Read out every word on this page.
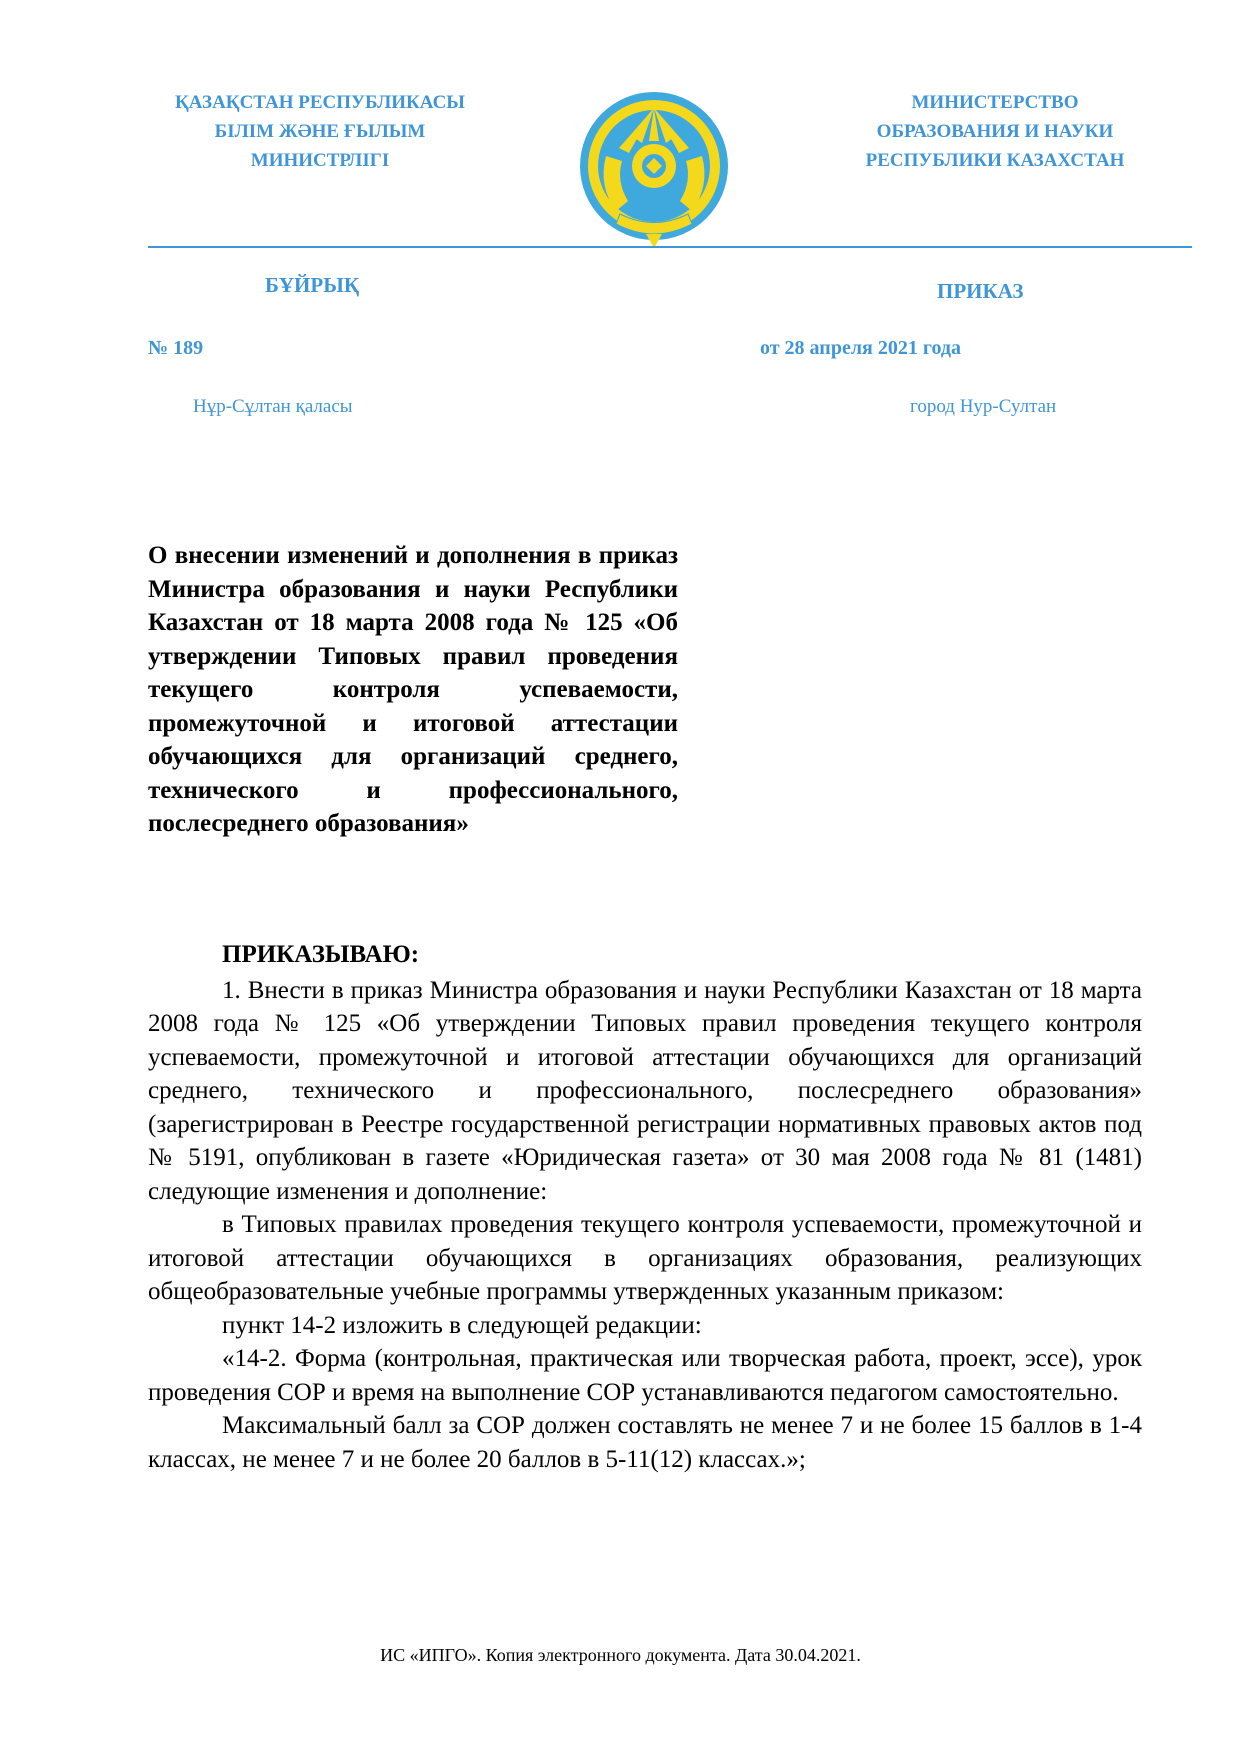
ҚАЗАҚСТАН РЕСПУБЛИКАСЫ
БІЛІМ ЖӘНЕ ҒЫЛЫМ
МИНИСТРЛІГІ
МИНИСТЕРСТВО
ОБРАЗОВАНИЯ И НАУКИ
РЕСПУБЛИКИ КАЗАХСТАН
БҰЙРЫҚ	ПРИКАЗ
№ 189	от 28 апреля 2021 года
Нұр-Сұлтан қаласы	город Нур-Султан

О внесении изменений и дополнения в приказ Министра образования и науки Республики Казахстан от 18 марта 2008 года № 125 «Об утверждении Типовых правил проведения текущего контроля успеваемости, промежуточной и итоговой аттестации обучающихся для организаций среднего, технического и профессионального, послесреднего образования»

ПРИКАЗЫВАЮ:

1. Внести в приказ Министра образования и науки Республики Казахстан от 18 марта 2008 года № 125 «Об утверждении Типовых правил проведения текущего контроля успеваемости, промежуточной и итоговой аттестации обучающихся для организаций среднего, технического и профессионального, послесреднего образования» (зарегистрирован в Реестре государственной регистрации нормативных правовых актов под № 5191, опубликован в газете «Юридическая газета» от 30 мая 2008 года № 81 (1481) следующие изменения и дополнение:

в Типовых правилах проведения текущего контроля успеваемости, промежуточной и итоговой аттестации обучающихся в организациях образования, реализующих общеобразовательные учебные программы утвержденных указанным приказом:

пункт 14-2 изложить в следующей редакции:

«14-2. Форма (контрольная, практическая или творческая работа, проект, эссе), урок проведения СОР и время на выполнение СОР устанавливаются педагогом самостоятельно.

Максимальный балл за СОР должен составлять не менее 7 и не более 15 баллов в 1-4 классах, не менее 7 и не более 20 баллов в 5-11(12) классах.»;

ИС «ИПГО». Копия электронного документа. Дата 30.04.2021.
